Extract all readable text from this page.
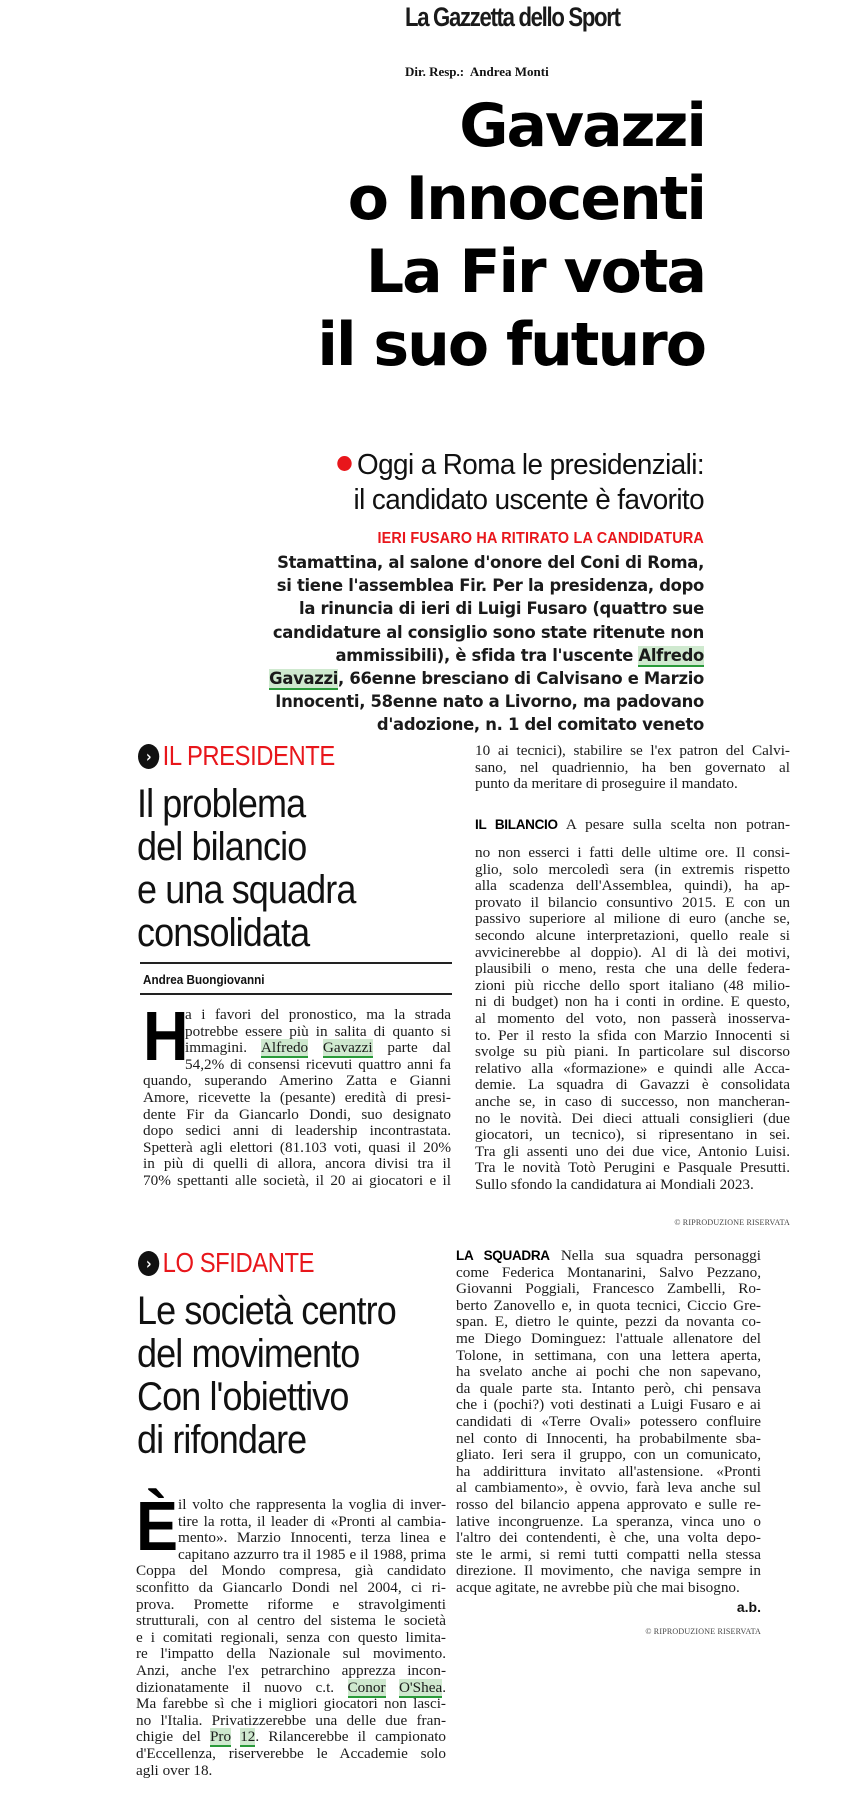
La Gazzetta dello Sport
Dir. Resp.:  Andrea Monti
Gavazzi
o Innocenti
La Fir vota
il suo futuro
Oggi a Roma le presidenziali:
il candidato uscente è favorito
IERI FUSARO HA RITIRATO LA CANDIDATURA
Stamattina, al salone d'onore del Coni di Roma,
si tiene l'assemblea Fir. Per la presidenza, dopo
la rinuncia di ieri di Luigi Fusaro (quattro sue
candidature al consiglio sono state ritenute non
ammissibili), è sfida tra l'uscente Alfredo
Gavazzi, 66enne bresciano di Calvisano e Marzio
Innocenti, 58enne nato a Livorno, ma padovano
d'adozione, n. 1 del comitato veneto
› IL PRESIDENTE
Il problema
del bilancio
e una squadra
consolidata
Andrea Buongiovanni
H
a i favori del pronostico, ma la strada
potrebbe essere più in salita di quanto si
immagini. Alfredo Gavazzi parte dal
54,2% di consensi ricevuti quattro anni fa
quando, superando Amerino Zatta e Gianni
Amore, ricevette la (pesante) eredità di presi-
dente Fir da Giancarlo Dondi, suo designato
dopo sedici anni di leadership incontrastata.
Spetterà agli elettori (81.103 voti, quasi il 20%
in più di quelli di allora, ancora divisi tra il
70% spettanti alle società, il 20 ai giocatori e il
10 ai tecnici), stabilire se l'ex patron del Calvi-
sano, nel quadriennio, ha ben governato al
punto da meritare di proseguire il mandato.
IL BILANCIO A pesare sulla scelta non potran-
no non esserci i fatti delle ultime ore. Il consi-
glio, solo mercoledì sera (in extremis rispetto
alla scadenza dell'Assemblea, quindi), ha ap-
provato il bilancio consuntivo 2015. E con un
passivo superiore al milione di euro (anche se,
secondo alcune interpretazioni, quello reale si
avvicinerebbe al doppio). Al di là dei motivi,
plausibili o meno, resta che una delle federa-
zioni più ricche dello sport italiano (48 milio-
ni di budget) non ha i conti in ordine. E questo,
al momento del voto, non passerà inosserva-
to. Per il resto la sfida con Marzio Innocenti si
svolge su più piani. In particolare sul discorso
relativo alla «formazione» e quindi alle Acca-
demie. La squadra di Gavazzi è consolidata
anche se, in caso di successo, non mancheran-
no le novità. Dei dieci attuali consiglieri (due
giocatori, un tecnico), si ripresentano in sei.
Tra gli assenti uno dei due vice, Antonio Luisi.
Tra le novità Totò Perugini e Pasquale Presutti.
Sullo sfondo la candidatura ai Mondiali 2023.
© RIPRODUZIONE RISERVATA
› LO SFIDANTE
Le società centro
del movimento
Con l'obiettivo
di rifondare
È il volto che rappresenta la voglia di inver-
tire la rotta, il leader di «Pronti al cambia-
mento». Marzio Innocenti, terza linea e
capitano azzurro tra il 1985 e il 1988, prima
Coppa del Mondo compresa, già candidato
sconfitto da Giancarlo Dondi nel 2004, ci ri-
prova. Promette riforme e stravolgimenti
strutturali, con al centro del sistema le società
e i comitati regionali, senza con questo limita-
re l'impatto della Nazionale sul movimento.
Anzi, anche l'ex petrarchino apprezza incon-
dizionatamente il nuovo c.t. Conor O'Shea.
Ma farebbe sì che i migliori giocatori non lasci-
no l'Italia. Privatizzerebbe una delle due fran-
chigie del Pro 12. Rilancerebbe il campionato
d'Eccellenza, riserverebbe le Accademie solo
agli over 18.
LA SQUADRA Nella sua squadra personaggi
come Federica Montanarini, Salvo Pezzano,
Giovanni Poggiali, Francesco Zambelli, Ro-
berto Zanovello e, in quota tecnici, Ciccio Gre-
span. E, dietro le quinte, pezzi da novanta co-
me Diego Dominguez: l'attuale allenatore del
Tolone, in settimana, con una lettera aperta,
ha svelato anche ai pochi che non sapevano,
da quale parte sta. Intanto però, chi pensava
che i (pochi?) voti destinati a Luigi Fusaro e ai
candidati di «Terre Ovali» potessero confluire
nel conto di Innocenti, ha probabilmente sba-
gliato. Ieri sera il gruppo, con un comunicato,
ha addirittura invitato all'astensione. «Pronti
al cambiamento», è ovvio, farà leva anche sul
rosso del bilancio appena approvato e sulle re-
lative incongruenze. La speranza, vinca uno o
l'altro dei contendenti, è che, una volta depo-
ste le armi, si remi tutti compatti nella stessa
direzione. Il movimento, che naviga sempre in
acque agitate, ne avrebbe più che mai bisogno.
a.b.
© RIPRODUZIONE RISERVATA
